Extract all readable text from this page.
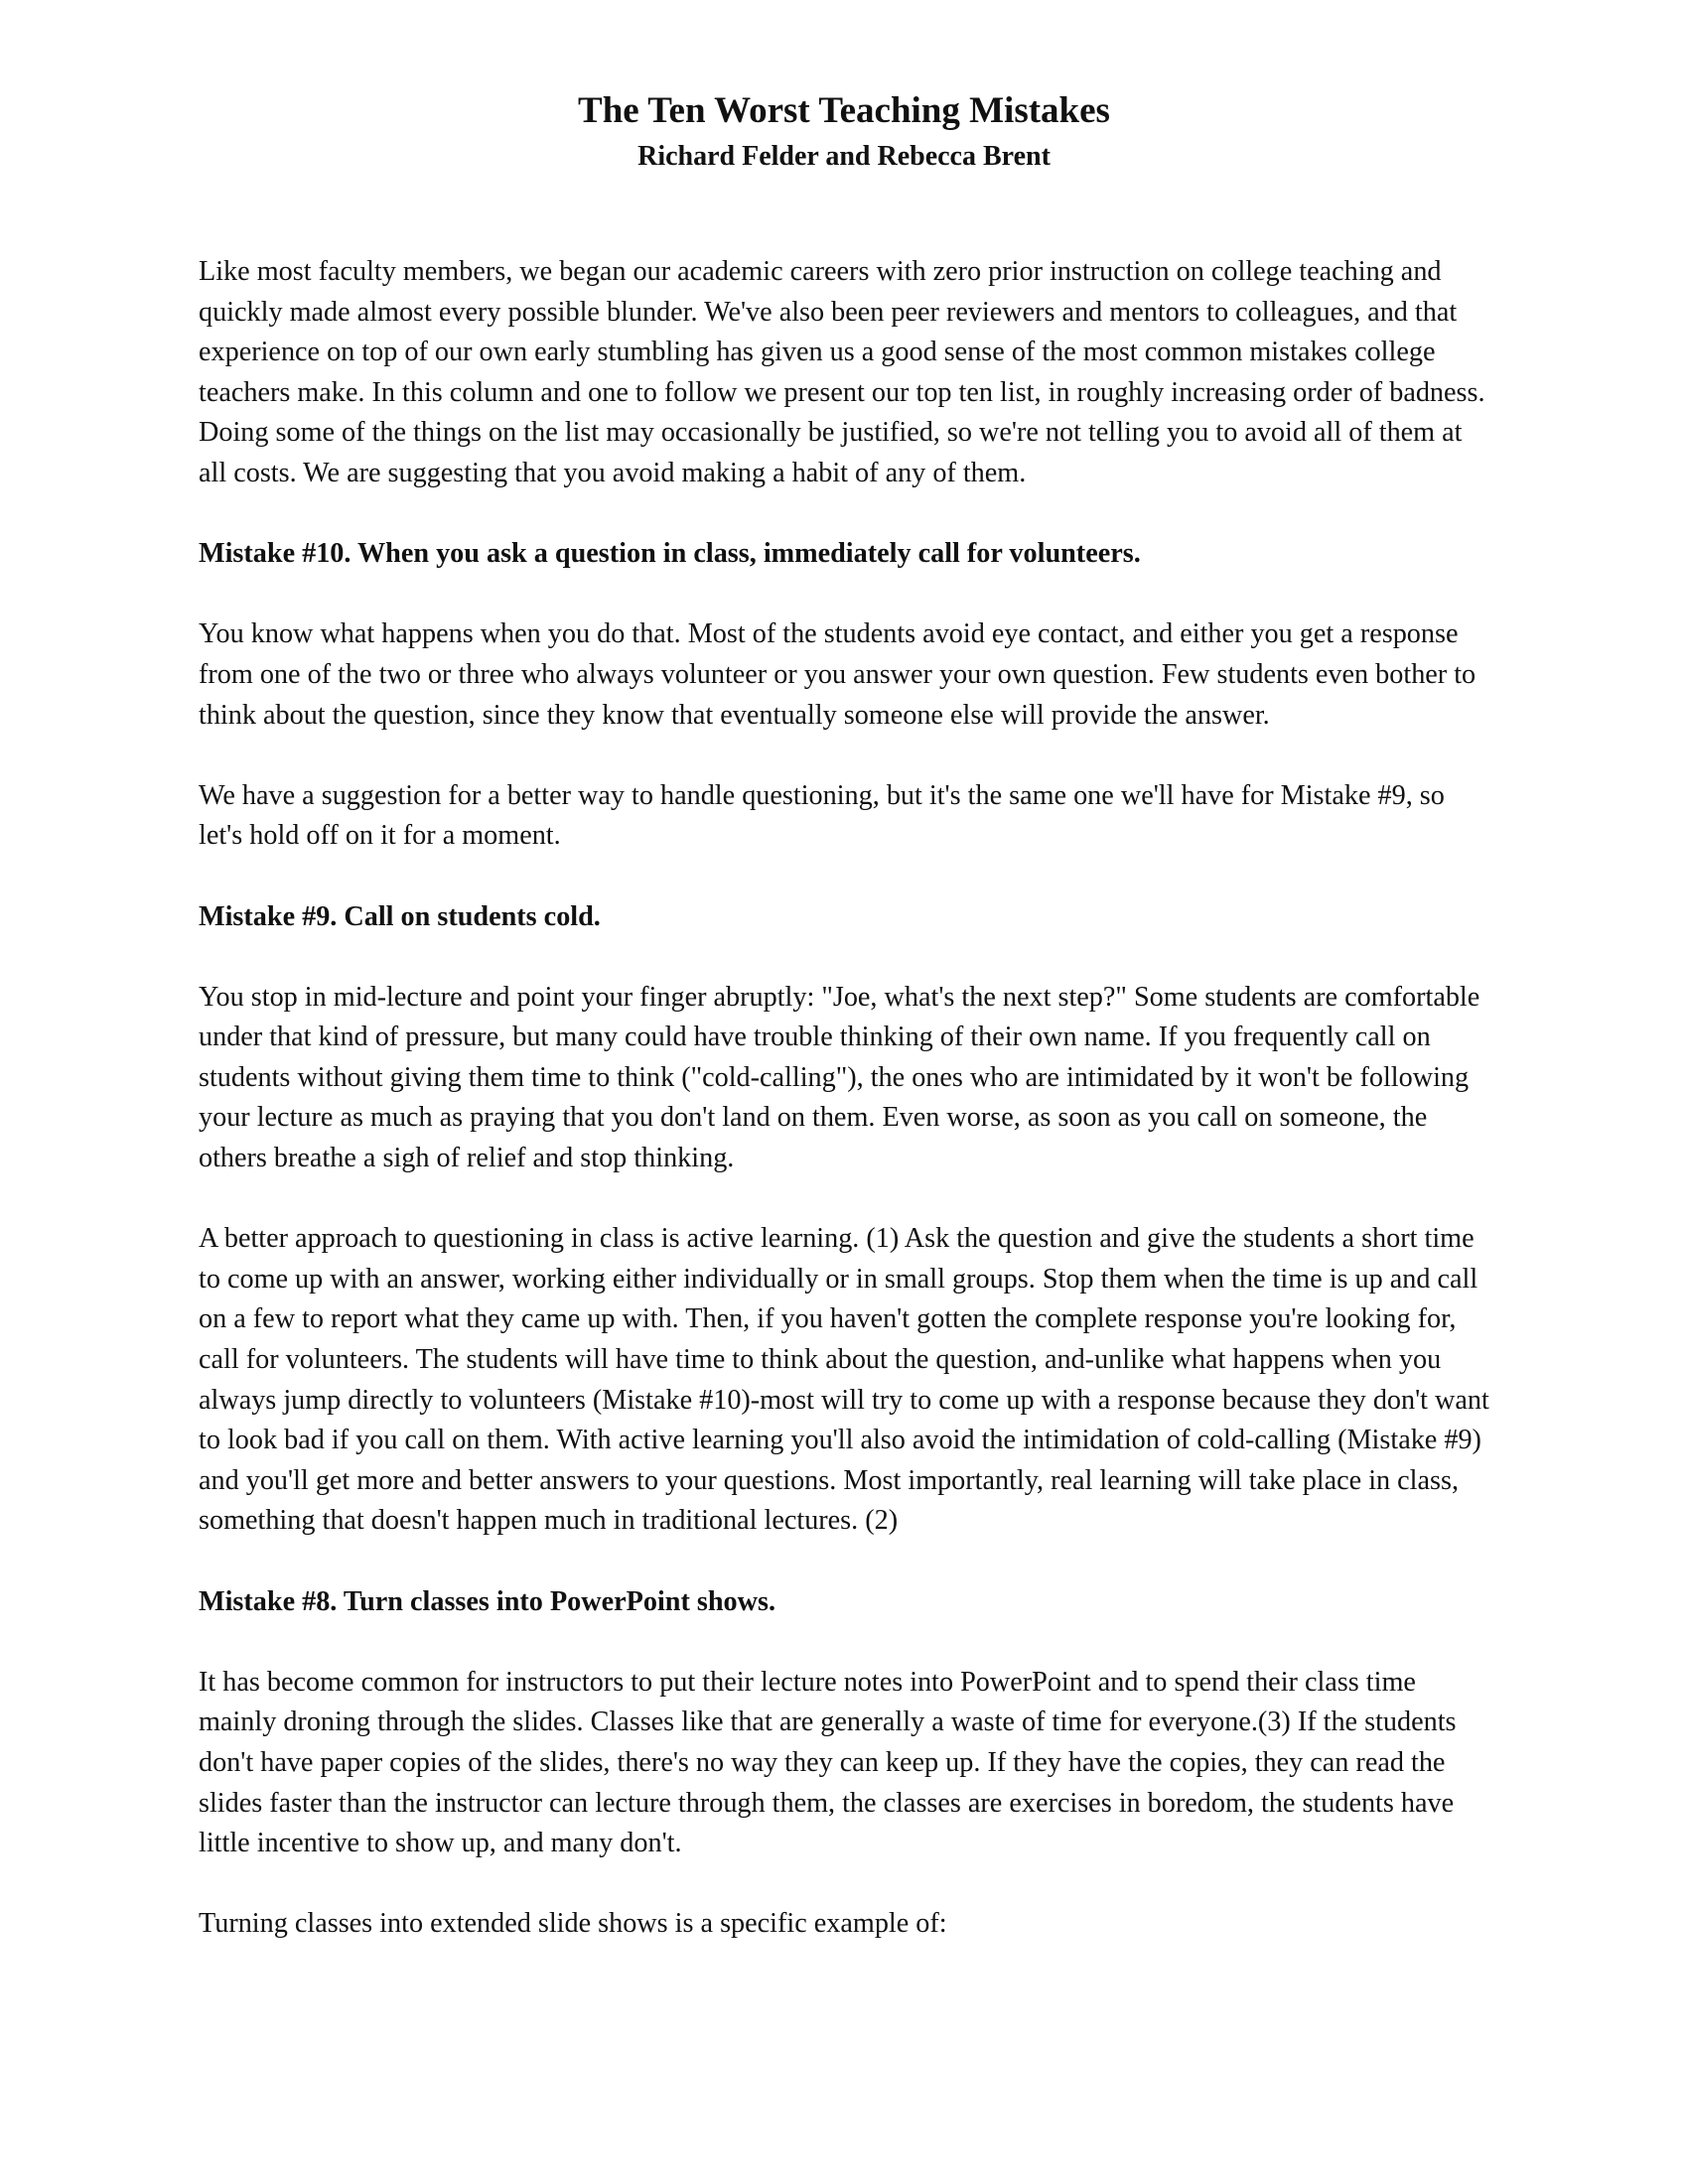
The Ten Worst Teaching Mistakes
Richard Felder and Rebecca Brent

Like most faculty members, we began our academic careers with zero prior instruction on college teaching and quickly made almost every possible blunder. We've also been peer reviewers and mentors to colleagues, and that experience on top of our own early stumbling has given us a good sense of the most common mistakes college teachers make. In this column and one to follow we present our top ten list, in roughly increasing order of badness. Doing some of the things on the list may occasionally be justified, so we're not telling you to avoid all of them at all costs. We are suggesting that you avoid making a habit of any of them.

Mistake #10. When you ask a question in class, immediately call for volunteers.

You know what happens when you do that. Most of the students avoid eye contact, and either you get a response from one of the two or three who always volunteer or you answer your own question. Few students even bother to think about the question, since they know that eventually someone else will provide the answer.

We have a suggestion for a better way to handle questioning, but it's the same one we'll have for Mistake #9, so let's hold off on it for a moment.

Mistake #9. Call on students cold.

You stop in mid-lecture and point your finger abruptly: "Joe, what's the next step?" Some students are comfortable under that kind of pressure, but many could have trouble thinking of their own name. If you frequently call on students without giving them time to think ("cold-calling"), the ones who are intimidated by it won't be following your lecture as much as praying that you don't land on them. Even worse, as soon as you call on someone, the others breathe a sigh of relief and stop thinking.

A better approach to questioning in class is active learning. (1) Ask the question and give the students a short time to come up with an answer, working either individually or in small groups. Stop them when the time is up and call on a few to report what they came up with. Then, if you haven't gotten the complete response you're looking for, call for volunteers. The students will have time to think about the question, and-unlike what happens when you always jump directly to volunteers (Mistake #10)-most will try to come up with a response because they don't want to look bad if you call on them. With active learning you'll also avoid the intimidation of cold-calling (Mistake #9) and you'll get more and better answers to your questions. Most importantly, real learning will take place in class, something that doesn't happen much in traditional lectures. (2)

Mistake #8. Turn classes into PowerPoint shows.

It has become common for instructors to put their lecture notes into PowerPoint and to spend their class time mainly droning through the slides. Classes like that are generally a waste of time for everyone.(3) If the students don't have paper copies of the slides, there's no way they can keep up. If they have the copies, they can read the slides faster than the instructor can lecture through them, the classes are exercises in boredom, the students have little incentive to show up, and many don't.

Turning classes into extended slide shows is a specific example of:
